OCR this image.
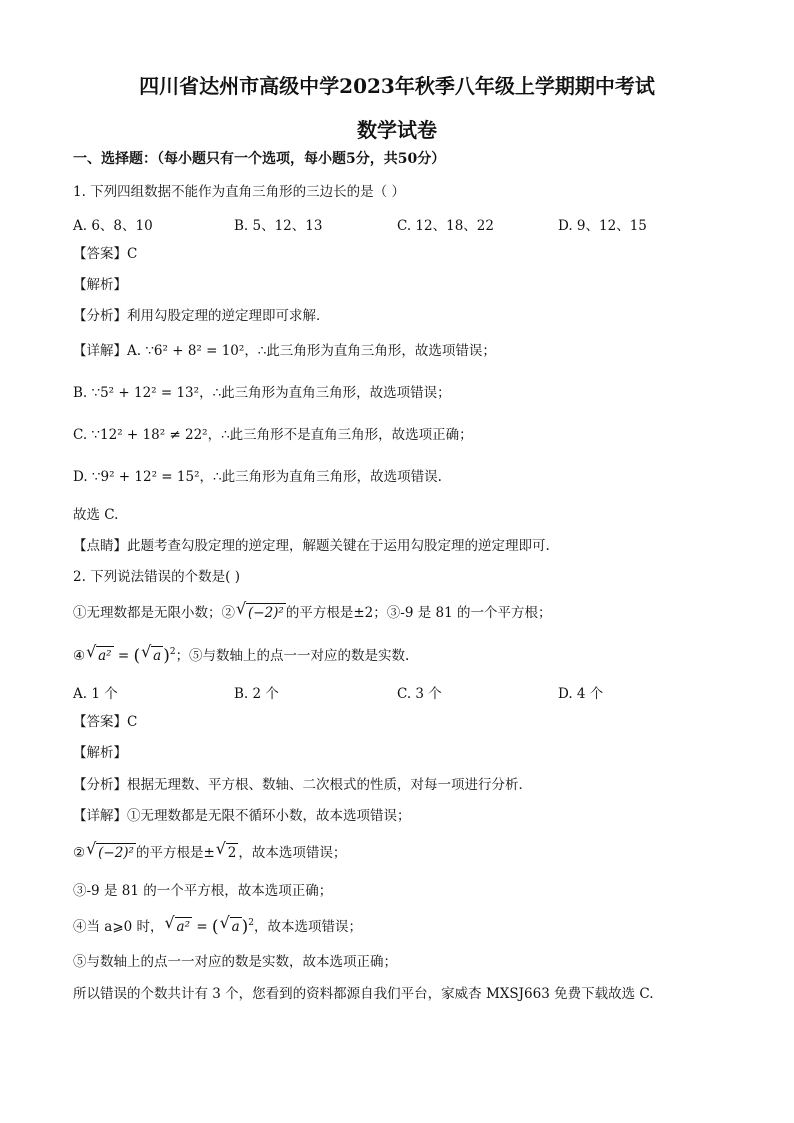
四川省达州市高级中学2023年秋季八年级上学期期中考试
数学试卷
一、选择题：（每小题只有一个选项，每小题5分，共50分）
1. 下列四组数据不能作为直角三角形的三边长的是（ ）
A. 6、8、10	B. 5、12、13	C. 12、18、22	D. 9、12、15
【答案】C
【解析】
【分析】利用勾股定理的逆定理即可求解．
【详解】A. ∵6² + 8² = 10²，∴此三角形为直角三角形，故选项错误；
B. ∵5² + 12² = 13²，∴此三角形为直角三角形，故选项错误；
C. ∵12² + 18² ≠ 22²，∴此三角形不是直角三角形，故选项正确；
D. ∵9² + 12² = 15²，∴此三角形为直角三角形，故选项错误.
故选 C.
【点睛】此题考查勾股定理的逆定理，解题关键在于运用勾股定理的逆定理即可.
2. 下列说法错误的个数是( )
①无理数都是无限小数；② √ (−2)² 的平方根是±2；③-9 是 81 的一个平方根；
④ √ a² = ( √ a )$^2$；⑤与数轴上的点一一对应的数是实数.
A. 1 个	B. 2 个	C. 3 个	D. 4 个
【答案】C
【解析】
【分析】根据无理数、平方根、数轴、二次根式的性质，对每一项进行分析．
【详解】①无理数都是无限不循环小数，故本选项错误；
② √ (−2)² 的平方根是± √ 2 ，故本选项错误；
③-9 是 81 的一个平方根，故本选项正确；
④当 a⩾0 时， √ a² = ( √ a )$^2$，故本选项错误；
⑤与数轴上的点一一对应的数是实数，故本选项正确；
所以错误的个数共计有 3 个，您看到的资料都源自我们平台，家威杏 MXSJ663 免费下载故选 C.
